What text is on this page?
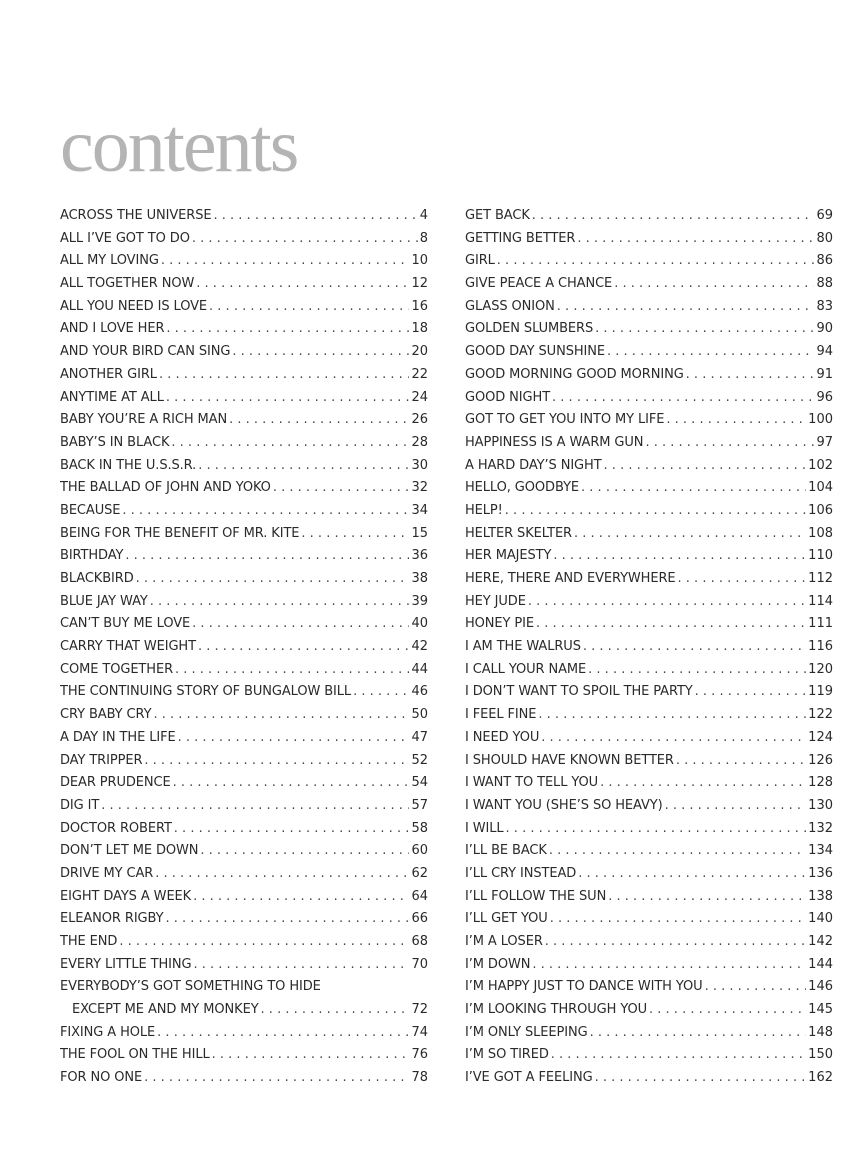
contents
ACROSS THE UNIVERSE . . .	4
ALL I’VE GOT TO DO . . .	8
ALL MY LOVING . . .	10
ALL TOGETHER NOW . . .	12
ALL YOU NEED IS LOVE . . .	16
AND I LOVE HER . . .	18
AND YOUR BIRD CAN SING . . .	20
ANOTHER GIRL . . .	22
ANYTIME AT ALL . . .	24
BABY YOU’RE A RICH MAN . . .	26
BABY’S IN BLACK . . .	28
BACK IN THE U.S.S.R. . . .	30
THE BALLAD OF JOHN AND YOKO . . .	32
BECAUSE . . .	34
BEING FOR THE BENEFIT OF MR. KITE . . .	15
BIRTHDAY . . .	36
BLACKBIRD . . .	38
BLUE JAY WAY . . .	39
CAN’T BUY ME LOVE . . .	40
CARRY THAT WEIGHT . . .	42
COME TOGETHER . . .	44
THE CONTINUING STORY OF BUNGALOW BILL . . .	46
CRY BABY CRY . . .	50
A DAY IN THE LIFE . . .	47
DAY TRIPPER . . .	52
DEAR PRUDENCE . . .	54
DIG IT . . .	57
DOCTOR ROBERT . . .	58
DON’T LET ME DOWN . . .	60
DRIVE MY CAR . . .	62
EIGHT DAYS A WEEK . . .	64
ELEANOR RIGBY . . .	66
THE END . . .	68
EVERY LITTLE THING . . .	70
EVERYBODY’S GOT SOMETHING TO HIDE
EXCEPT ME AND MY MONKEY . . .	72
FIXING A HOLE . . .	74
THE FOOL ON THE HILL . . .	76
FOR NO ONE . . .	78
GET BACK . . .	69
GETTING BETTER . . .	80
GIRL . . .	86
GIVE PEACE A CHANCE . . .	88
GLASS ONION . . .	83
GOLDEN SLUMBERS . . .	90
GOOD DAY SUNSHINE . . .	94
GOOD MORNING GOOD MORNING . . .	91
GOOD NIGHT . . .	96
GOT TO GET YOU INTO MY LIFE . . .	100
HAPPINESS IS A WARM GUN . . .	97
A HARD DAY’S NIGHT . . .	102
HELLO, GOODBYE . . .	104
HELP! . . .	106
HELTER SKELTER . . .	108
HER MAJESTY . . .	110
HERE, THERE AND EVERYWHERE . . .	112
HEY JUDE . . .	114
HONEY PIE . . .	111
I AM THE WALRUS . . .	116
I CALL YOUR NAME . . .	120
I DON’T WANT TO SPOIL THE PARTY . . .	119
I FEEL FINE . . .	122
I NEED YOU . . .	124
I SHOULD HAVE KNOWN BETTER . . .	126
I WANT TO TELL YOU . . .	128
I WANT YOU (SHE’S SO HEAVY) . . .	130
I WILL . . .	132
I’LL BE BACK . . .	134
I’LL CRY INSTEAD . . .	136
I’LL FOLLOW THE SUN . . .	138
I’LL GET YOU . . .	140
I’M A LOSER . . .	142
I’M DOWN . . .	144
I’M HAPPY JUST TO DANCE WITH YOU . . .	146
I’M LOOKING THROUGH YOU . . .	145
I’M ONLY SLEEPING . . .	148
I’M SO TIRED . . .	150
I’VE GOT A FEELING . . .	162
